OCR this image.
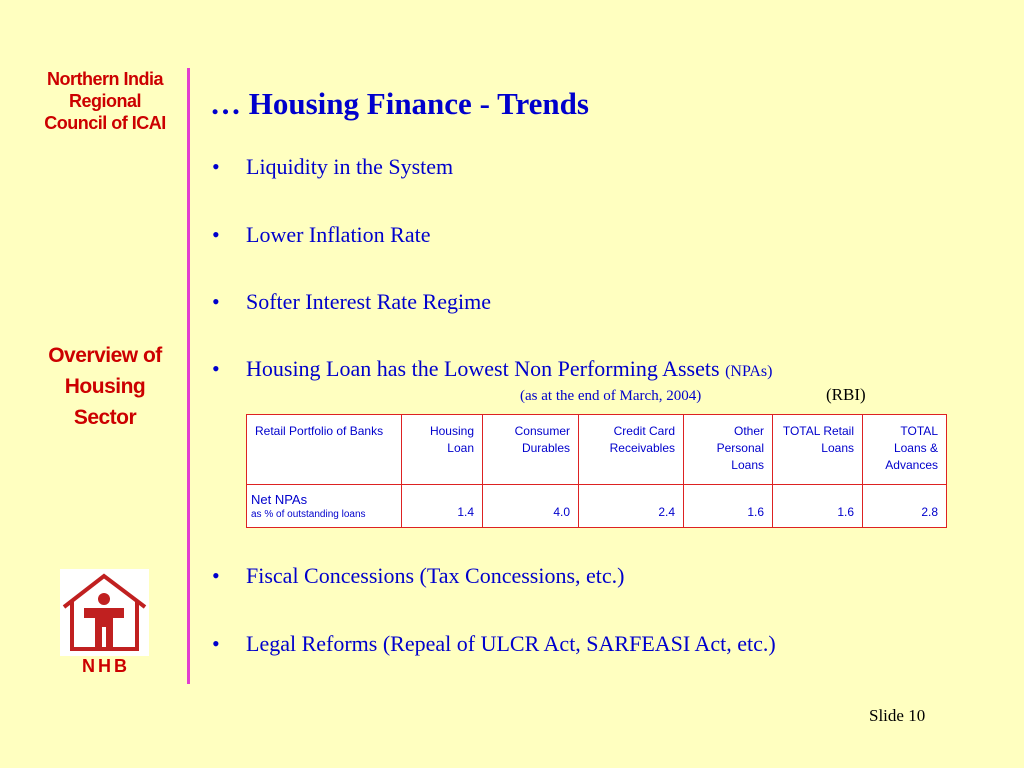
Northern India
Regional
Council of ICAI
Overview of
Housing
Sector
N H B
… Housing Finance - Trends
• Liquidity in the System
• Lower Inflation Rate
• Softer Interest Rate Regime
• Housing Loan has the Lowest Non Performing Assets (NPAs)
(as at the end of March, 2004)	(RBI)
Retail Portfolio of Banks	Housing Loan	Consumer Durables	Credit Card Receivables	Other Personal Loans	TOTAL Retail Loans	TOTAL Loans & Advances

Net NPAs
as % of outstanding loans	1.4	4.0	2.4	1.6	1.6	2.8
• Fiscal Concessions (Tax Concessions, etc.)
• Legal Reforms (Repeal of ULCR Act, SARFEASI Act, etc.)
Slide 10
